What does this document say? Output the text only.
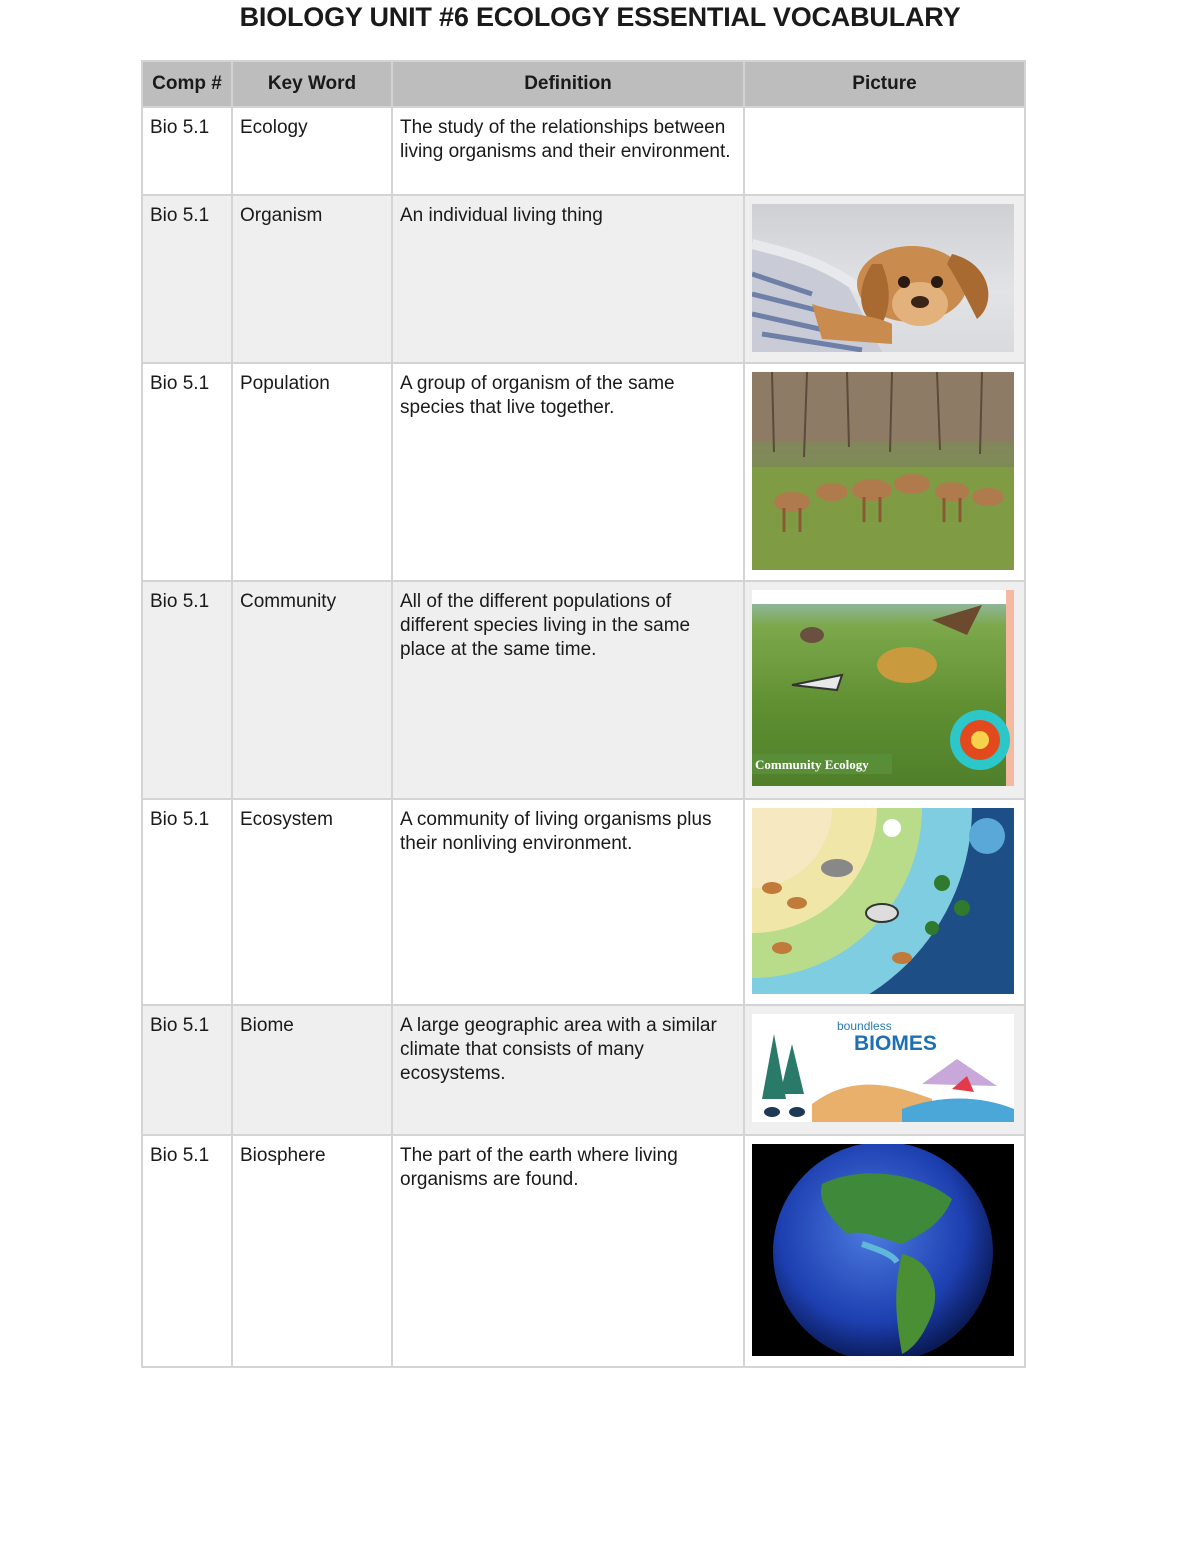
BIOLOGY UNIT #6 ECOLOGY ESSENTIAL VOCABULARY
Comp #	Key Word	Definition	Picture
Bio 5.1	Ecology	The study of the relationships between living organisms and their environment.	
Bio 5.1	Organism	An individual living thing	

Bio 5.1	Population	A group of organism of the same species that live together.	

Bio 5.1	Community	All of the different populations of different species living in the same place at the same time.	Community Ecology

Bio 5.1	Ecosystem	A community of living organisms plus their nonliving environment.	

Bio 5.1	Biome	A large geographic area with a similar climate that consists of many ecosystems.	boundless
BIOMES

Bio 5.1	Biosphere	The part of the earth where living organisms are found.	
